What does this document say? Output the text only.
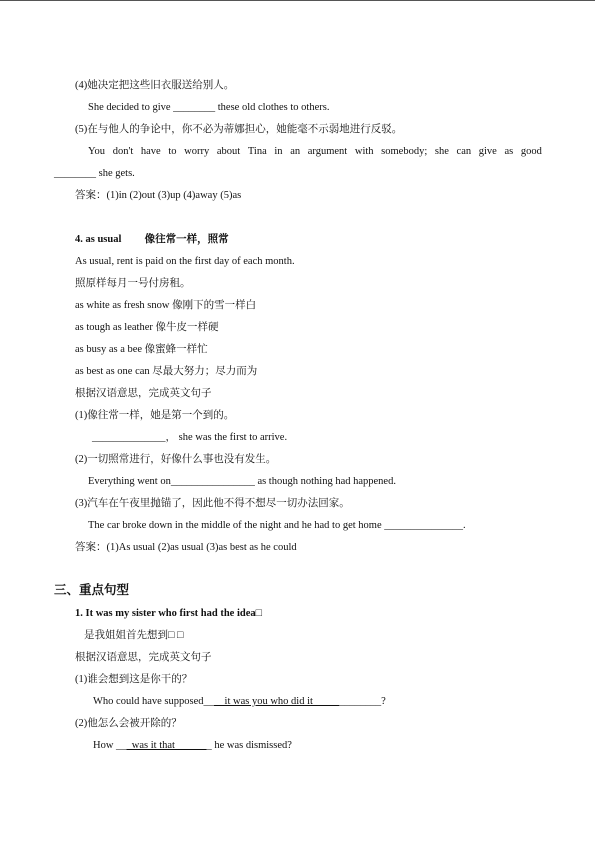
(4)她决定把这些旧衣服送给别人。
She decided to give ________ these old clothes to others.
(5)在与他人的争论中，你不必为蒂娜担心，她能毫不示弱地进行反驳。
You don't have to worry about Tina in an argument with somebody; she can give as good
________ she gets.
答案：(1)in (2)out (3)up (4)away (5)as
4. as usual 像往常一样，照常
As usual, rent is paid on the first day of each month.
照原样每月一号付房租。
as white as fresh snow 像刚下的雪一样白
as tough as leather 像牛皮一样硬
as busy as a bee 像蜜蜂一样忙
as best as one can 尽最大努力；尽力而为
根据汉语意思，完成英文句子
(1)像往常一样，她是第一个到的。
______________， she was the first to arrive.
(2)一切照常进行，好像什么事也没有发生。
Everything went on________________ as though nothing had happened.
(3)汽车在午夜里抛锚了，因此他不得不想尽一切办法回家。
The car broke down in the middle of the night and he had to get home _______________.
答案：(1)As usual (2)as usual (3)as best as he could
三、重点句型
1. It was my sister who first had the idea□
是我姐姐首先想到□ □
根据汉语意思，完成英文句子
(1)谁会想到这是你干的？
Who could have supposed____it was you who did it_____________?
(2)他怎么会被开除的？
How ___was it that_______ he was dismissed?
